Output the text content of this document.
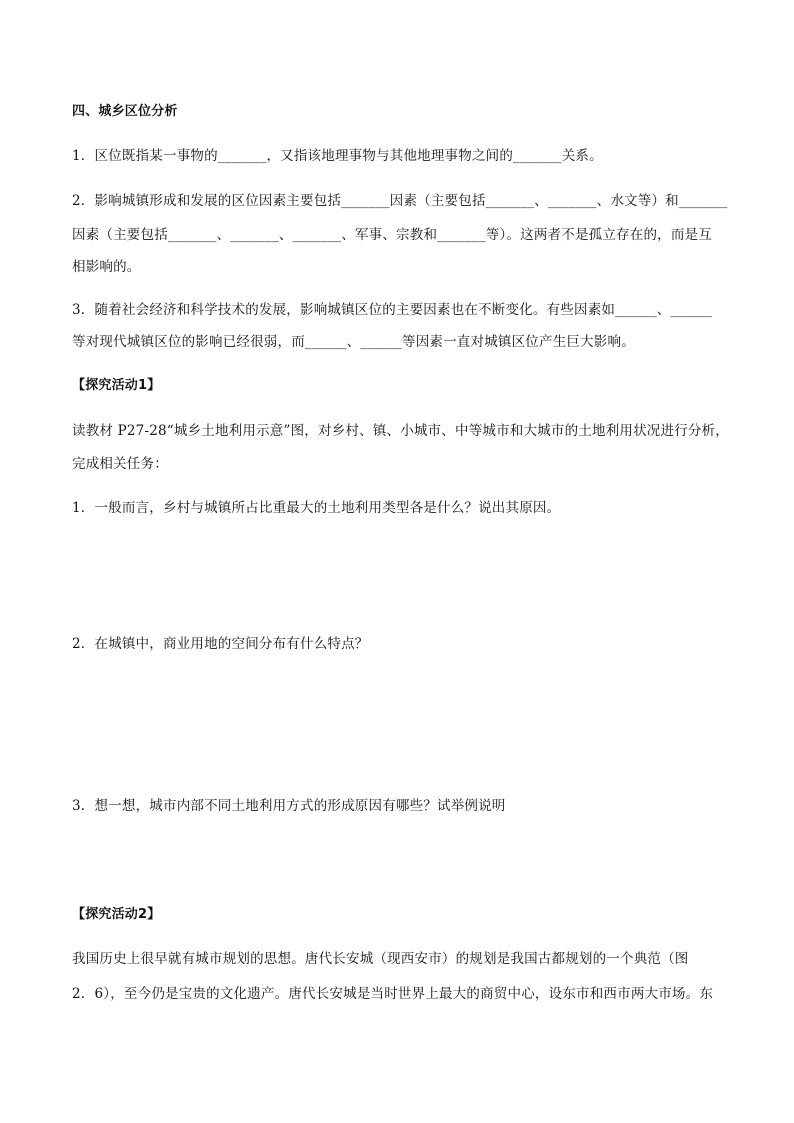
四、城乡区位分析
1．区位既指某一事物的_______，又指该地理事物与其他地理事物之间的_______关系。
2．影响城镇形成和发展的区位因素主要包括_______因素（主要包括_______、_______、水文等）和_______
因素（主要包括_______、_______、_______、军事、宗教和_______等）。这两者不是孤立存在的，而是互
相影响的。
3．随着社会经济和科学技术的发展，影响城镇区位的主要因素也在不断变化。有些因素如______、______
等对现代城镇区位的影响已经很弱，而______、______等因素一直对城镇区位产生巨大影响。
【探究活动1】
读教材 P27-28“城乡土地利用示意”图，对乡村、镇、小城市、中等城市和大城市的土地利用状况进行分析，
完成相关任务：
1．一般而言，乡村与城镇所占比重最大的土地利用类型各是什么？说出其原因。
2．在城镇中，商业用地的空间分布有什么特点？
3．想一想，城市内部不同土地利用方式的形成原因有哪些？试举例说明
【探究活动2】
我国历史上很早就有城市规划的思想。唐代长安城（现西安市）的规划是我国古都规划的一个典范（图
2．6），至今仍是宝贵的文化遗产。唐代长安城是当时世界上最大的商贸中心，设东市和西市两大市场。东
